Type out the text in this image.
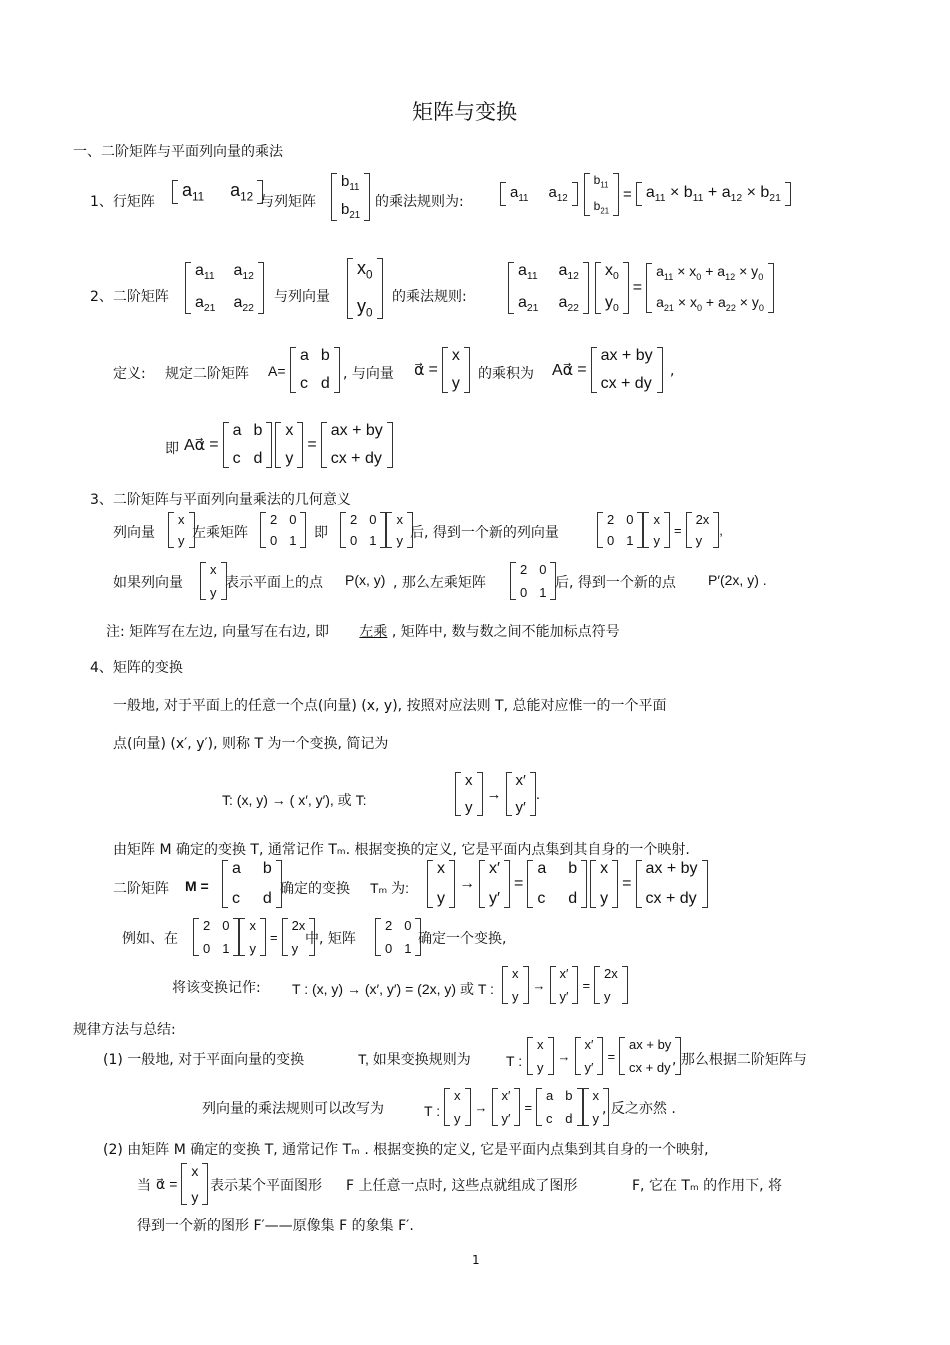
矩阵与变换
一、二阶矩阵与平面列向量的乘法
1、行矩阵
$a_{11}$ $a_{12}$ 与列矩阵
$b_{11}$
$b_{21}$
的乘法规则为:
$a_{11}$ $a_{12}$
$b_{11}$
$b_{21}$
= $a_{11} \times b_{11} + a_{12} \times b_{21}$
2、二阶矩阵
$a_{11}$ $a_{12}$
$a_{21}$ $a_{22}$
与列向量
$x_0$
$y_0$
的乘法规则:
$a_{11}$ $a_{12}$
$a_{21}$ $a_{22}$
$x_0$
$y_0$
=
$a_{11} \times x_0 + a_{12} \times y_0$
$a_{21} \times x_0 + a_{22} \times y_0$
定义: 规定二阶矩阵 A=
a b
c d
, 与向量 α⃗ =
x
y
的乘积为 Aα⃗ =
ax + by
cx + dy
,
即 Aα⃗ =
a b
c d
x
y
=
ax + by
cx + dy
3、二阶矩阵与平面列向量乘法的几何意义
列向量
x
y 左乘矩阵
2 0
0 1 即
2 0
0 1
x
y 后, 得到一个新的列向量
2 0
0 1
x
y
=
2x
y
,
如果列向量
x
y
表示平面上的点 P(x, y) , 那么左乘矩阵
2 0
0 1
后, 得到一个新的点 P′(2x, y) .
注: 矩阵写在左边, 向量写在右边, 即 左乘 , 矩阵中, 数与数之间不能加标点符号
4、矩阵的变换
一般地, 对于平面上的任意一个点(向量) (x, y), 按照对应法则 T, 总能对应惟一的一个平面
点(向量) (x′, y′), 则称 T 为一个变换, 简记为
T: (x, y) → ( x′, y′), 或 T:
x
y
→
x′
y′
.
由矩阵 M 确定的变换 T, 通常记作 Tₘ. 根据变换的定义, 它是平面内点集到其自身的一个映射.
二阶矩阵 M =
a b
c d
确定的变换 Tₘ 为:
x
y
→
x′
y′
=
a b
c d
x
y
=
ax + by
cx + dy
例如、在
2 0
0 1
x
y
=
2x
y
中, 矩阵
2 0
0 1
确定一个变换,
将该变换记作: T : (x, y) → (x′, y′) = (2x, y) 或 T :
x
y
→
x′
y′
=
2x
y
规律方法与总结:
(1) 一般地, 对于平面向量的变换	T, 如果变换规则为	T :
x
y
→
x′
y′
=
ax + by
cx + dy , 那么根据二阶矩阵与
列向量的乘法规则可以改写为	T :
x
y
→
x′
y′
=
a b
c d
x
y
, 反之亦然 .
(2) 由矩阵 M 确定的变换 T, 通常记作 Tₘ . 根据变换的定义, 它是平面内点集到其自身的一个映射,
当 α⃗ =
x
y
表示某个平面图形 F 上任意一点时, 这些点就组成了图形	F, 它在 Tₘ 的作用下, 将
得到一个新的图形 F′——原像集 F 的象集 F′.
1
